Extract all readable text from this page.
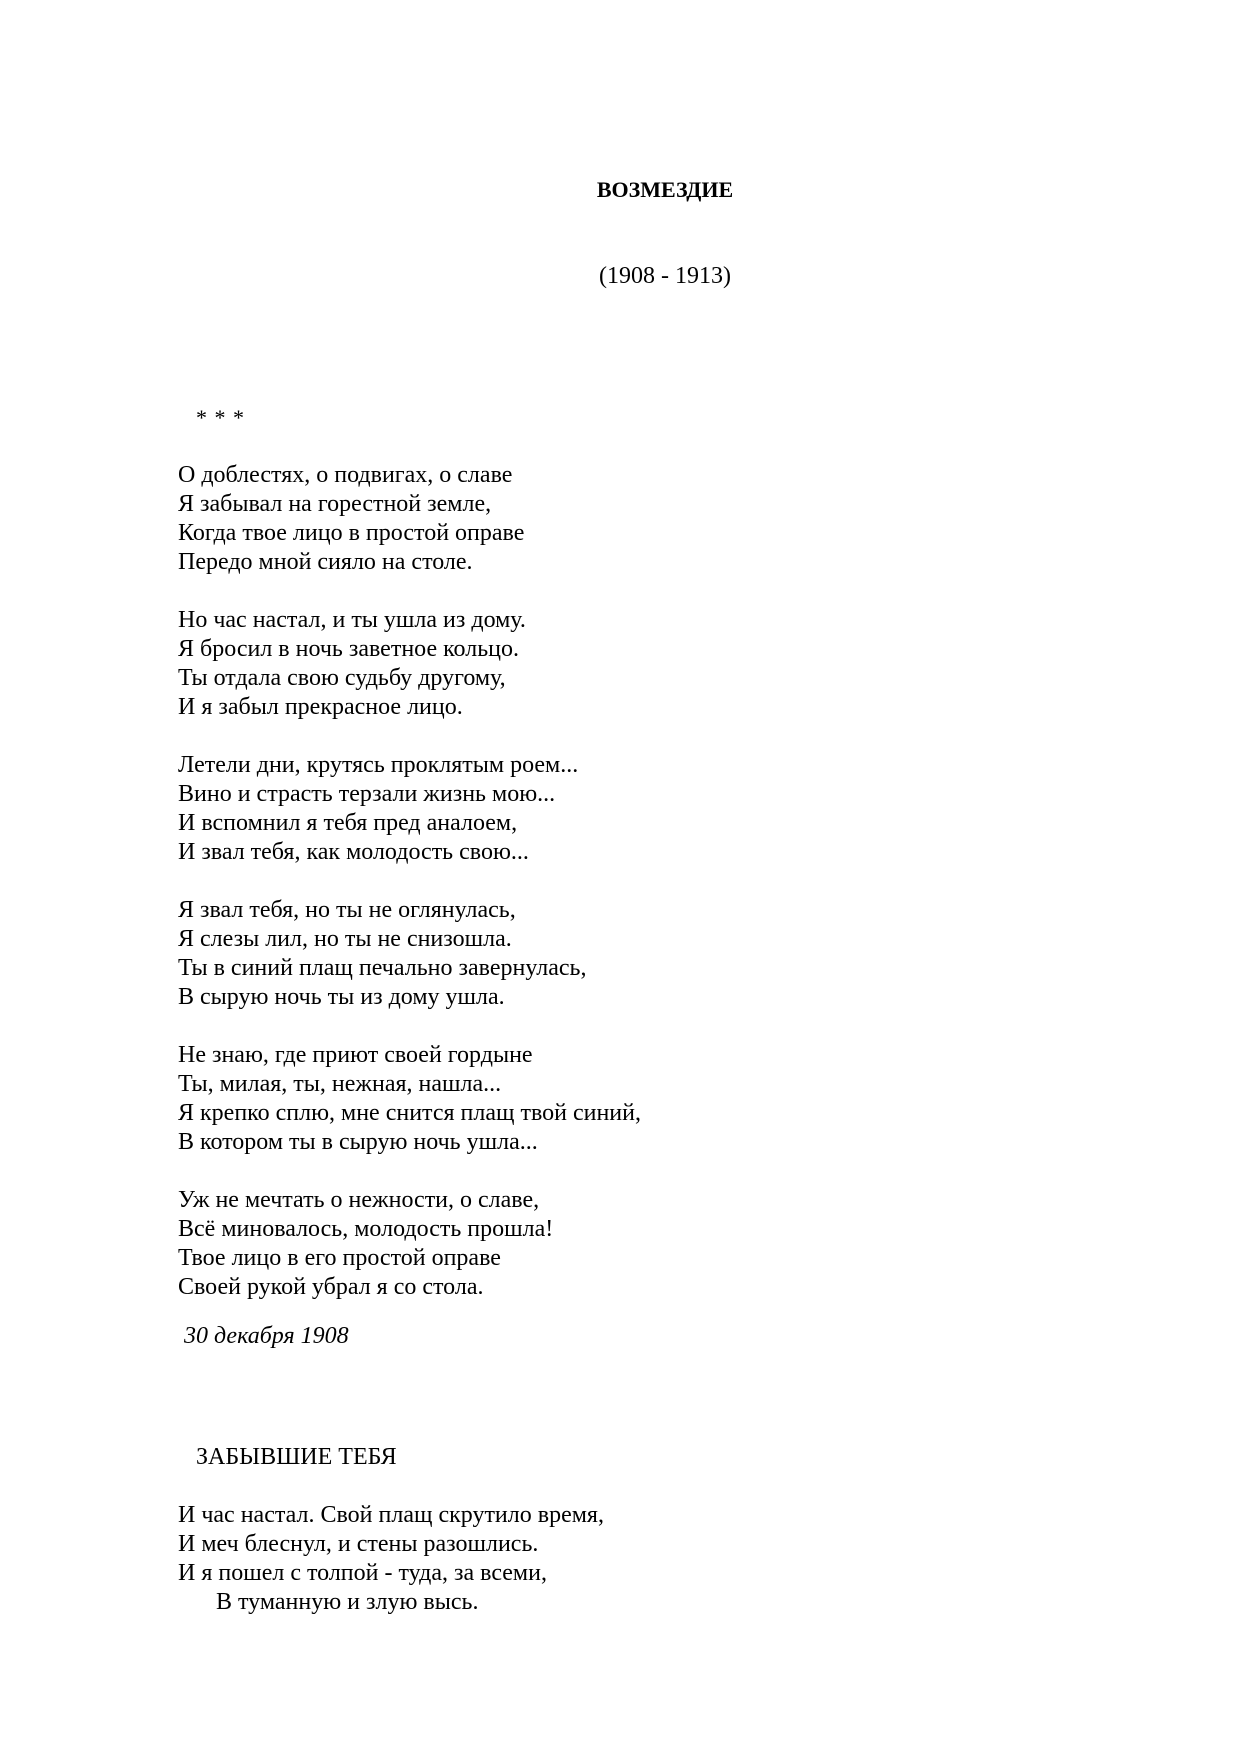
ВОЗМЕЗДИЕ

(1908 - 1913)

* * *

О доблестях, о подвигах, о славе
Я забывал на горестной земле,
Когда твое лицо в простой оправе
Передо мной сияло на столе.
Но час настал, и ты ушла из дому.
Я бросил в ночь заветное кольцо.
Ты отдала свою судьбу другому,
И я забыл прекрасное лицо.
Летели дни, крутясь проклятым роем...
Вино и страсть терзали жизнь мою...
И вспомнил я тебя пред аналоем,
И звал тебя, как молодость свою...
Я звал тебя, но ты не оглянулась,
Я слезы лил, но ты не снизошла.
Ты в синий плащ печально завернулась,
В сырую ночь ты из дому ушла.
Не знаю, где приют своей гордыне
Ты, милая, ты, нежная, нашла...
Я крепко сплю, мне снится плащ твой синий,
В котором ты в сырую ночь ушла...
Уж не мечтать о нежности, о славе,
Всё миновалось, молодость прошла!
Твое лицо в его простой оправе
Своей рукой убрал я со стола.

30 декабря 1908

ЗАБЫВШИЕ ТЕБЯ
И час настал. Свой плащ скрутило время,
И меч блеснул, и стены разошлись.
И я пошел с толпой - туда, за всеми,
В туманную и злую высь.
